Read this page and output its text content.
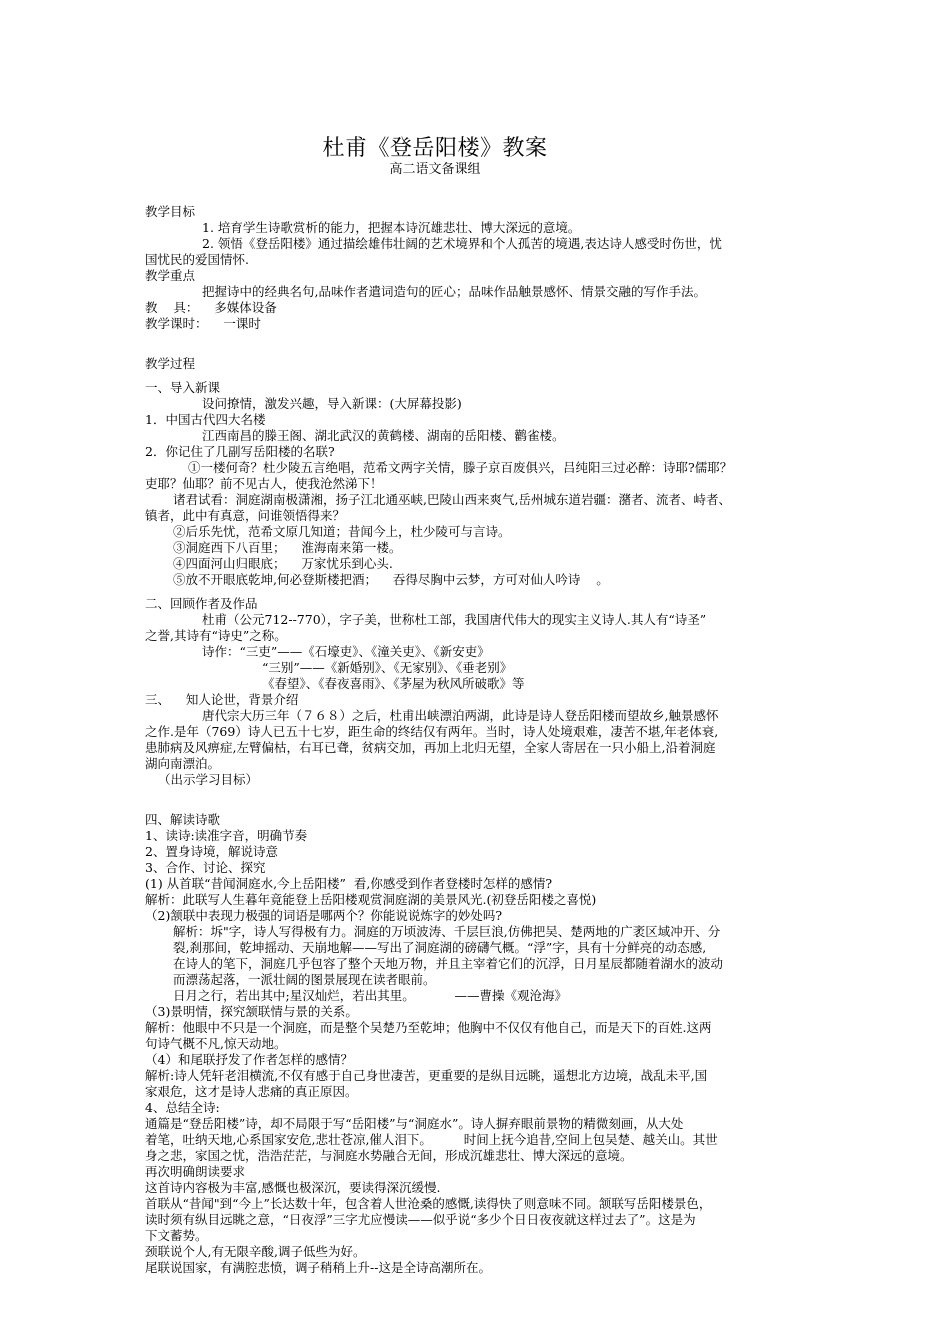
杜甫《登岳阳楼》教案
高二语文备课组
教学目标
1. 培育学生诗歌赏析的能力，把握本诗沉雄悲壮、博大深远的意境。
2. 领悟《登岳阳楼》通过描绘雄伟壮阔的艺术境界和个人孤苦的境遇,表达诗人感受时伤世，忧
国忧民的爱国情怀.
教学重点
把握诗中的经典名句,品味作者遣词造句的匠心；品味作品触景感怀、情景交融的写作手法。
教    具：    多媒体设备
教学课时：    一课时
教学过程
一、导入新课
设问撩情，激发兴趣，导入新课：(大屏幕投影)
1．中国古代四大名楼
江西南昌的滕王阁、湖北武汉的黄鹤楼、湖南的岳阳楼、鹳雀楼。
2．你记住了几副写岳阳楼的名联?
①一楼何奇？杜少陵五言绝唱，范希文两字关情，滕子京百废俱兴，吕纯阳三过必醉：诗耶?儒耶？
吏耶？仙耶？前不见古人，使我沧然涕下！
诸君试看：洞庭湖南极潇湘，扬子江北通巫峡,巴陵山西来爽气,岳州城东道岩疆：潴者、流者、峙者、
镇者，此中有真意，问谁领悟得来？
②后乐先忧，范希文原几知道；昔闻今上，杜少陵可与言诗。
③洞庭西下八百里；    淮海南来第一楼。
④四面河山归眼底；    万家忧乐到心头.
⑤放不开眼底乾坤,何必登斯楼把酒；    吞得尽胸中云梦，方可对仙人吟诗    。
二、回顾作者及作品
杜甫（公元712--770），字子美，世称杜工部，我国唐代伟大的现实主义诗人.其人有“诗圣”
之誉,其诗有“诗史”之称。
诗作：“三吏”——《石壕吏》、《潼关吏》、《新安吏》
“三别”——《新婚别》、《无家别》、《垂老别》
《春望》、《春夜喜雨》、《茅屋为秋风所破歌》等
三、    知人论世，背景介绍
唐代宗大历三年（７６８）之后，杜甫出峡漂泊两湖，此诗是诗人登岳阳楼而望故乡,触景感怀
之作.是年（769）诗人已五十七岁，距生命的终结仅有两年。当时，诗人处境艰难，凄苦不堪,年老体衰,
患肺病及风痹症,左臂偏枯，右耳已聋，贫病交加，再加上北归无望，全家人寄居在一只小船上,沿着洞庭
湖向南漂泊。
（出示学习目标）
四、解读诗歌
1、读诗:读准字音，明确节奏
2、置身诗境，解说诗意
3、合作、讨论、探究
(1) 从首联“昔闻洞庭水,今上岳阳楼”  看,你感受到作者登楼时怎样的感情?
解析：此联写人生暮年竟能登上岳阳楼观赏洞庭湖的美景风光.(初登岳阳楼之喜悦)
（2)颔联中表现力极强的词语是哪两个？你能说说炼字的妙处吗?
解析：坼"字，诗人写得极有力。洞庭的万顷波涛、千层巨浪,仿佛把吴、楚两地的广袤区域冲开、分
裂,刹那间，乾坤摇动、天崩地解——写出了洞庭湖的磅礴气概。“浮”字，具有十分鲜亮的动态感,
在诗人的笔下，洞庭几乎包容了整个天地万物，并且主宰着它们的沉浮，日月星辰都随着湖水的波动
而漂荡起落，一派壮阔的图景展现在读者眼前。
日月之行，若出其中;星汉灿烂，若出其里。          ——曹操《观沧海》
（3)景明情，探究颔联情与景的关系。
解析：他眼中不只是一个洞庭，而是整个吴楚乃至乾坤；他胸中不仅仅有他自己，而是天下的百姓.这两
句诗气概不凡,惊天动地。
（4）和尾联抒发了作者怎样的感情？
解析:诗人凭轩老泪横流,不仅有感于自己身世凄苦，更重要的是纵目远眺，遥想北方边境，战乱未平,国
家艰危，这才是诗人悲痛的真正原因。
4、总结全诗:
通篇是“登岳阳楼”诗，却不局限于写“岳阳楼”与“洞庭水”。诗人摒弃眼前景物的精微刻画，从大处
着笔，吐纳天地,心系国家安危,悲壮苍凉,催人泪下。        时间上抚今追昔,空间上包吴楚、越关山。其世
身之悲，家国之忧，浩浩茫茫，与洞庭水势融合无间，形成沉雄悲壮、博大深远的意境。
再次明确朗读要求
这首诗内容极为丰富,感慨也极深沉，要读得深沉缓慢.
首联从“昔闻"到“今上”长达数十年，包含着人世沧桑的感慨,读得快了则意味不同。颔联写岳阳楼景色，
读时须有纵目远眺之意，“日夜浮”三字尤应慢读——似乎说“多少个日日夜夜就这样过去了”。这是为
下文蓄势。
颈联说个人,有无限辛酸,调子低些为好。
尾联说国家，有满腔悲愤，调子稍稍上升--这是全诗高潮所在。
